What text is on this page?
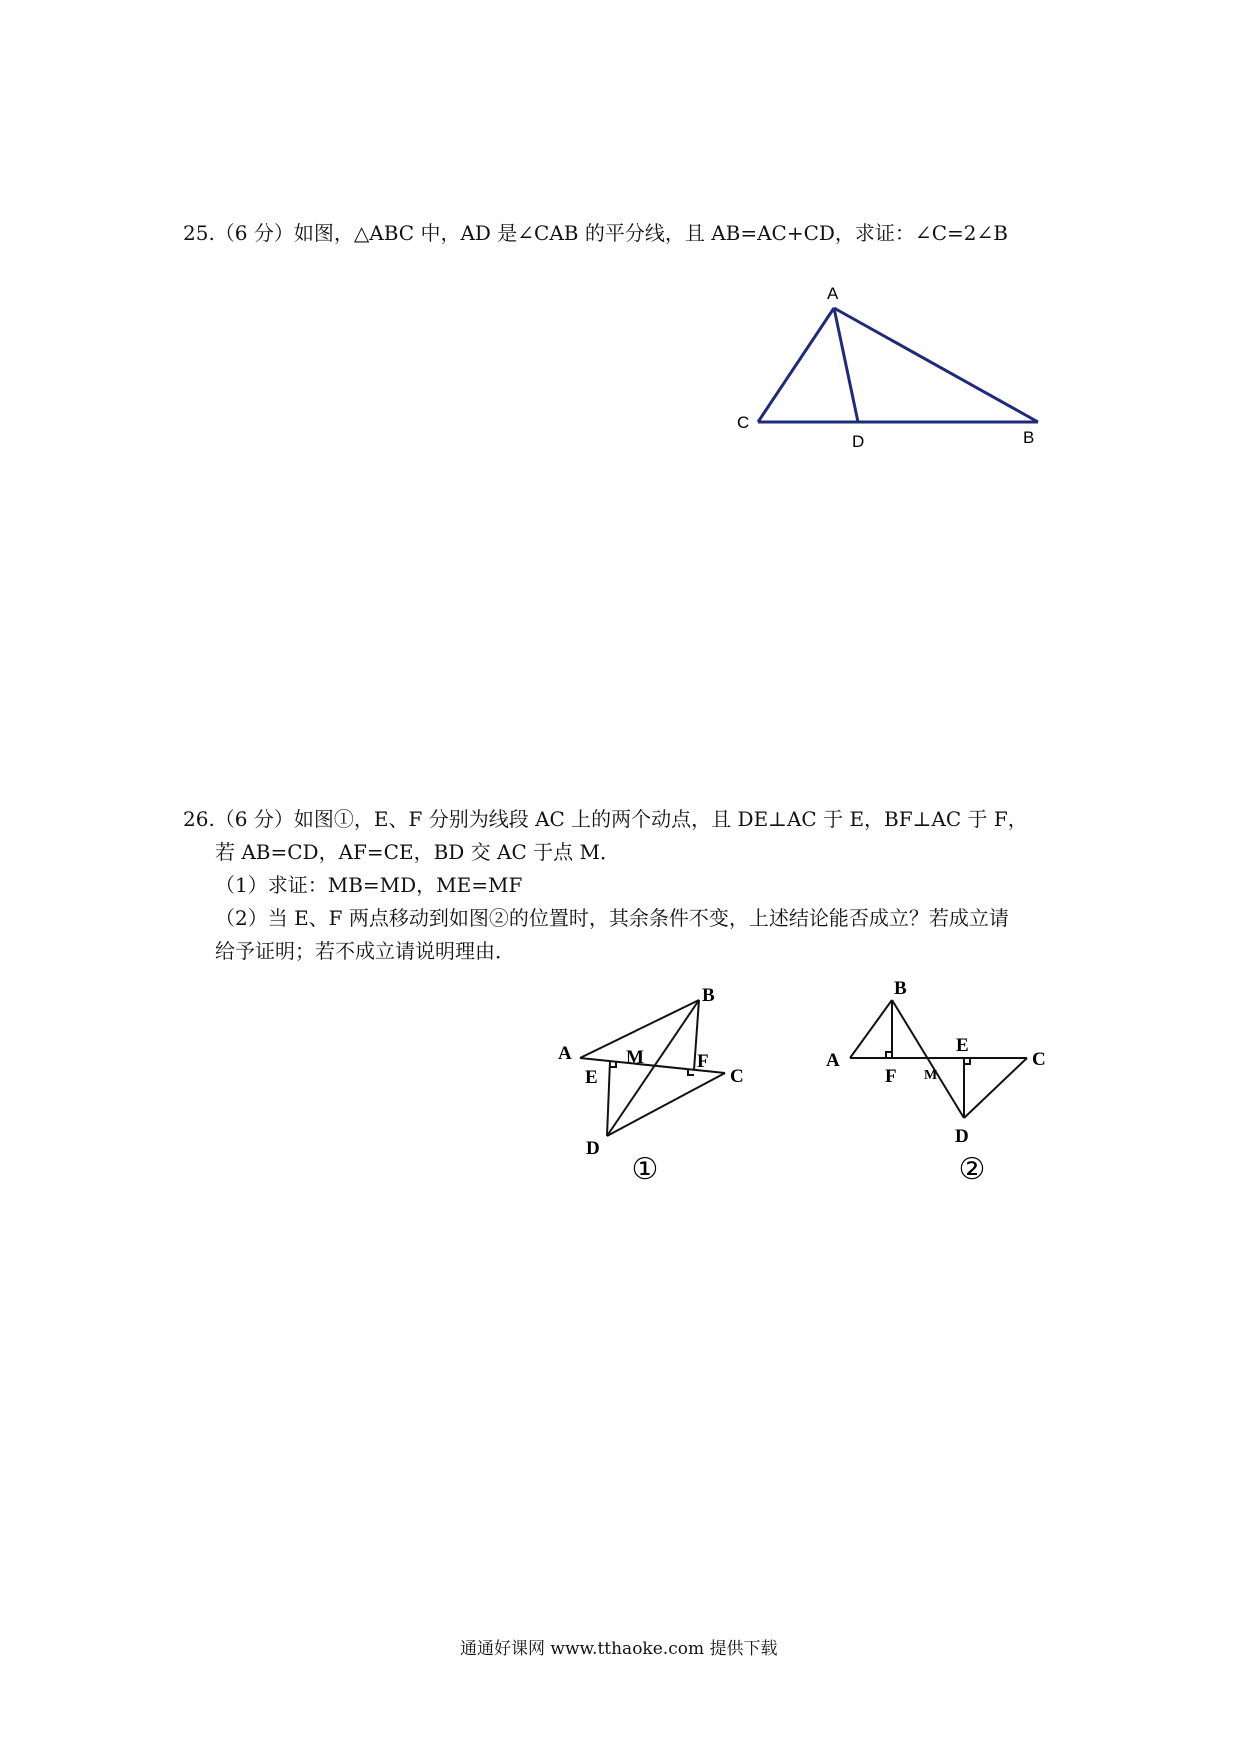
25.（6 分）如图，△ABC 中，AD 是∠CAB 的平分线，且 AB=AC+CD，求证：∠C=2∠B
A
C
D	B
26.（6 分）如图①，E、F 分别为线段 AC 上的两个动点，且 DE⊥AC 于 E，BF⊥AC 于 F，
若 AB=CD，AF=CE，BD 交 AC 于点 M．
（1）求证：MB=MD，ME=MF
（2）当 E、F 两点移动到如图②的位置时，其余条件不变，上述结论能否成立？若成立请
给予证明；若不成立请说明理由．
B
A	M	F
C
E
D
①
B
A
F M
E
C
D
②
通通好课网 www.tthaoke.com 提供下载
